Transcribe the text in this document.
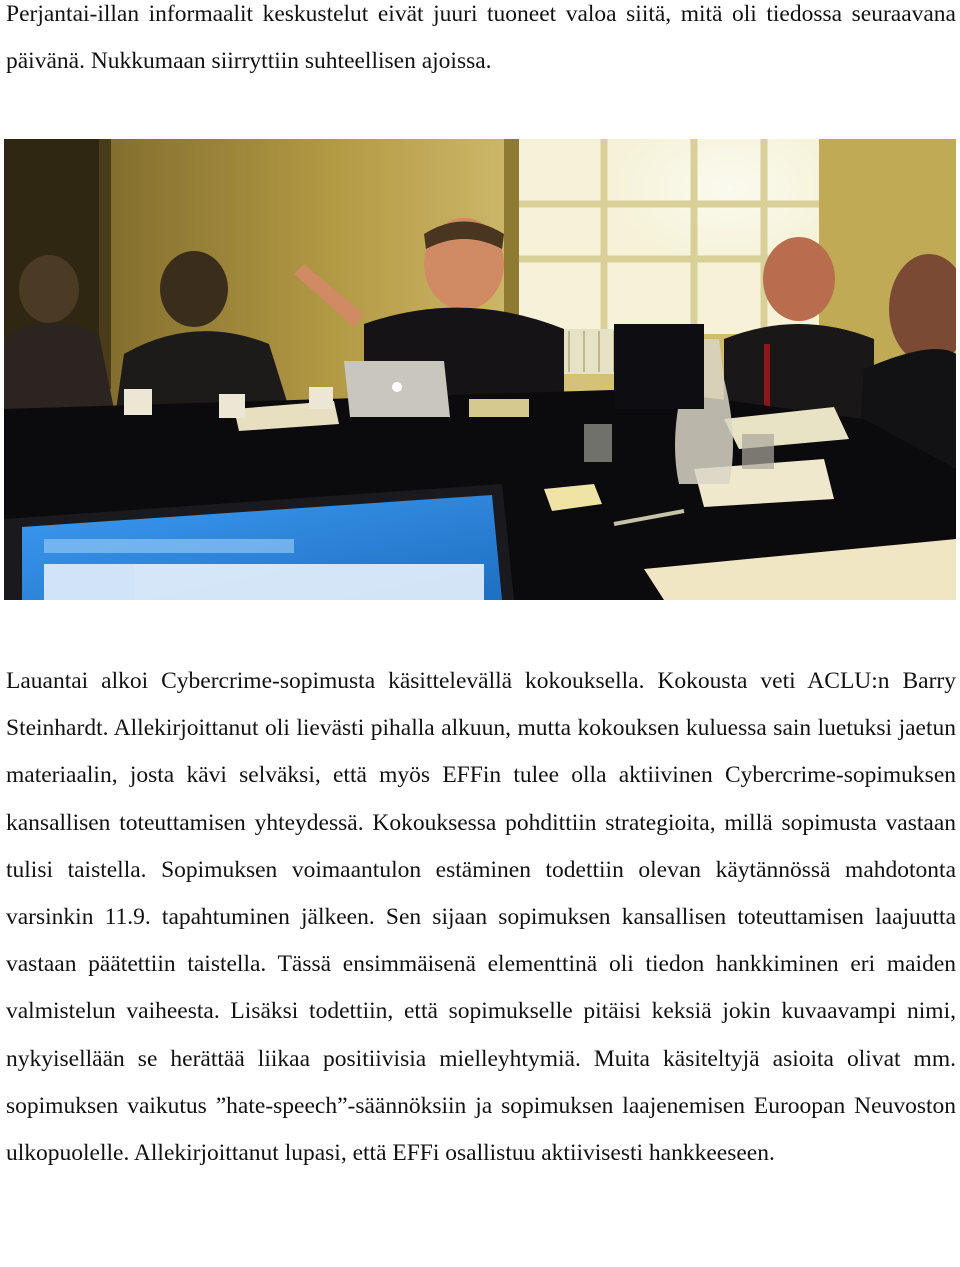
Perjantai-illan informaalit keskustelut eivät juuri tuoneet valoa siitä, mitä oli tiedossa seuraavana päivänä. Nukkumaan siirryttiin suhteellisen ajoissa.

Lauantai alkoi Cybercrime-sopimusta käsittelevällä kokouksella. Kokousta veti ACLU:n Barry Steinhardt. Allekirjoittanut oli lievästi pihalla alkuun, mutta kokouksen kuluessa sain luetuksi jaetun materiaalin, josta kävi selväksi, että myös EFFin tulee olla aktiivinen Cybercrime-sopimuksen kansallisen toteuttamisen yhteydessä. Kokouksessa pohdittiin strategioita, millä sopimusta vastaan tulisi taistella. Sopimuksen voimaantulon estäminen todettiin olevan käytännössä mahdotonta varsinkin 11.9. tapahtuminen jälkeen. Sen sijaan sopimuksen kansallisen toteuttamisen laajuutta vastaan päätettiin taistella. Tässä ensimmäisenä elementtinä oli tiedon hankkiminen eri maiden valmistelun vaiheesta. Lisäksi todettiin, että sopimukselle pitäisi keksiä jokin kuvaavampi nimi, nykyisellään se herättää liikaa positiivisia mielleyhtymiä. Muita käsiteltyjä asioita olivat mm. sopimuksen vaikutus ”hate-speech”-säännöksiin ja sopimuksen laajenemisen Euroopan Neuvoston ulkopuolelle. Allekirjoittanut lupasi, että EFFi osallistuu aktiivisesti hankkeeseen.
